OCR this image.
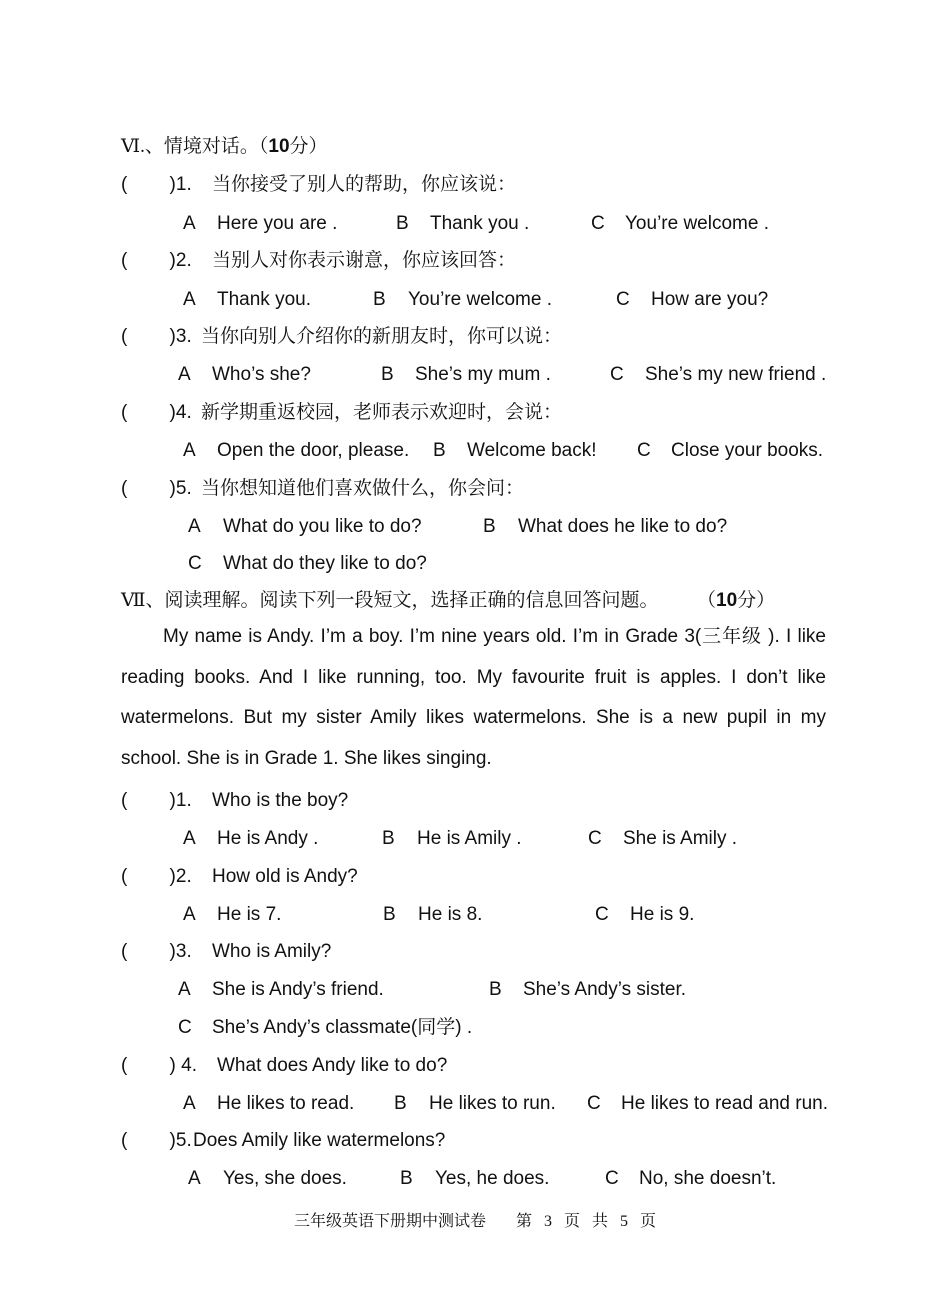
Ⅵ.、情境对话。（10分）
(        )1. 当你接受了别人的帮助，你应该说：
A Here you are .	B Thank you .	C You’re welcome .
(        )2. 当别人对你表示谢意，你应该回答：
A Thank you.	B You’re welcome .	C How are you?
(        )3. 当你向别人介绍你的新朋友时，你可以说：
A Who’s she?	B She’s my mum .	C She’s my new friend .
(        )4. 新学期重返校园，老师表示欢迎时，会说：
A Open the door, please. B Welcome back! C Close your books.
(        )5. 当你想知道他们喜欢做什么，你会问：
A What do you like to do?	B What does he like to do?
C What do they like to do?
Ⅶ、阅读理解。阅读下列一段短文，选择正确的信息回答问题。 （10分）
My name is Andy. I’m a boy. I’m nine years old. I’m in Grade 3(三年级 ). I like
reading books. And I like running, too. My favourite fruit is apples. I don’t like
watermelons. But my sister Amily likes watermelons. She is a new pupil in my
school. She is in Grade 1. She likes singing.
(        )1. Who is the boy?
A He is Andy .	B He is Amily .	C She is Amily .
(        )2. How old is Andy?
A He is 7.	B He is 8.	C He is 9.
(        )3. Who is Amily?
A She is Andy’s friend.	B She’s Andy’s sister.
C She’s Andy’s classmate(同学) .
(        ) 4. What does Andy like to do?
A He likes to read. B He likes to run. C He likes to read and run.
(        )5. Does Amily like watermelons?
A Yes, she does.	B Yes, he does.	C No, she doesn’t.
三年级英语下册期中测试卷 第 3 页 共 5 页
